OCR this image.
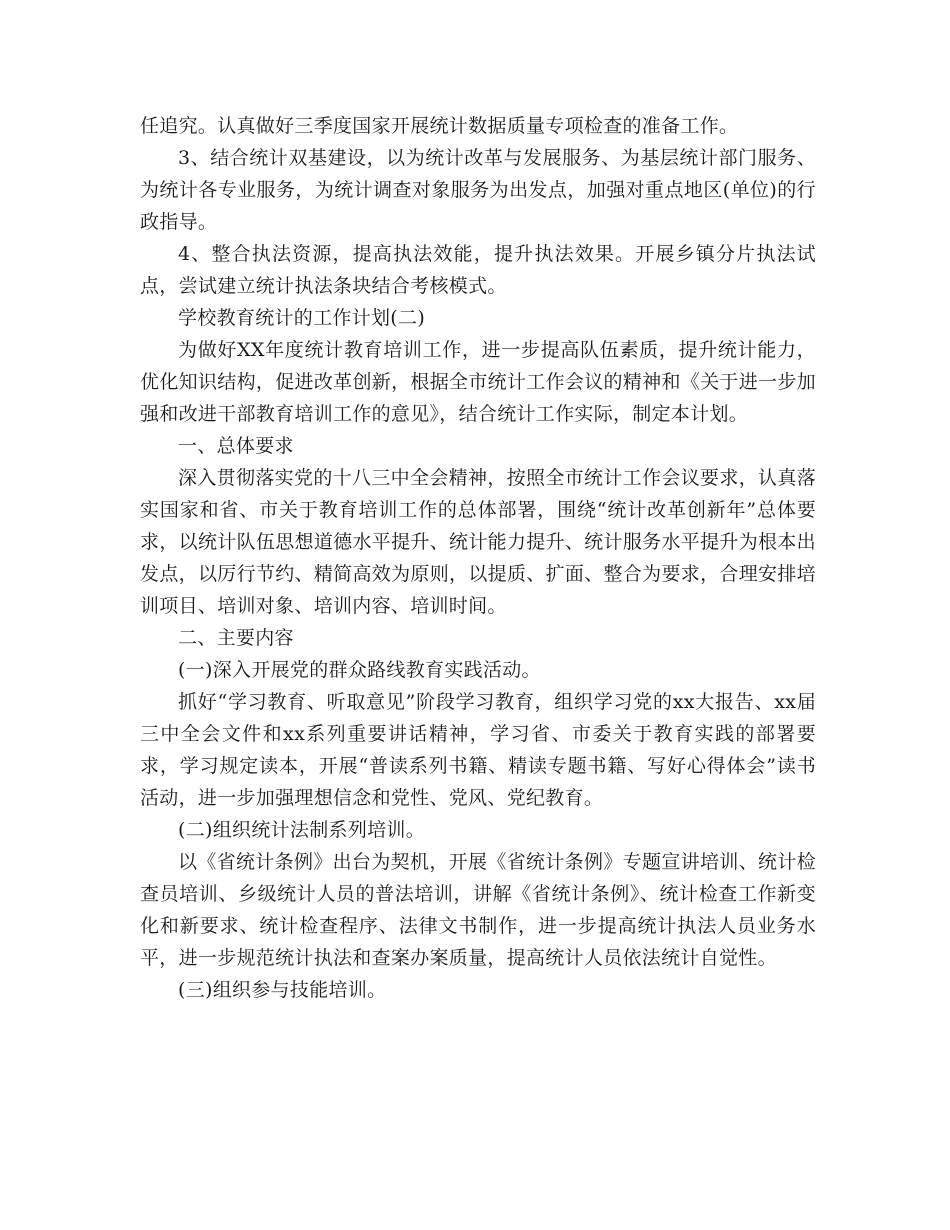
任追究。认真做好三季度国家开展统计数据质量专项检查的准备工作。

3、结合统计双基建设，以为统计改革与发展服务、为基层统计部门服务、为统计各专业服务，为统计调查对象服务为出发点，加强对重点地区(单位)的行政指导。

4、整合执法资源，提高执法效能，提升执法效果。开展乡镇分片执法试点，尝试建立统计执法条块结合考核模式。

学校教育统计的工作计划(二)

为做好XX年度统计教育培训工作，进一步提高队伍素质，提升统计能力，优化知识结构，促进改革创新，根据全市统计工作会议的精神和《关于进一步加强和改进干部教育培训工作的意见》，结合统计工作实际，制定本计划。

一、总体要求

深入贯彻落实党的十八三中全会精神，按照全市统计工作会议要求，认真落实国家和省、市关于教育培训工作的总体部署，围绕“统计改革创新年”总体要求，以统计队伍思想道德水平提升、统计能力提升、统计服务水平提升为根本出发点，以厉行节约、精简高效为原则，以提质、扩面、整合为要求，合理安排培训项目、培训对象、培训内容、培训时间。

二、主要内容

(一)深入开展党的群众路线教育实践活动。

抓好“学习教育、听取意见”阶段学习教育，组织学习党的xx大报告、xx届三中全会文件和xx系列重要讲话精神，学习省、市委关于教育实践的部署要求，学习规定读本，开展“普读系列书籍、精读专题书籍、写好心得体会”读书活动，进一步加强理想信念和党性、党风、党纪教育。

(二)组织统计法制系列培训。

以《省统计条例》出台为契机，开展《省统计条例》专题宣讲培训、统计检查员培训、乡级统计人员的普法培训，讲解《省统计条例》、统计检查工作新变化和新要求、统计检查程序、法律文书制作，进一步提高统计执法人员业务水平，进一步规范统计执法和查案办案质量，提高统计人员依法统计自觉性。

(三)组织参与技能培训。
